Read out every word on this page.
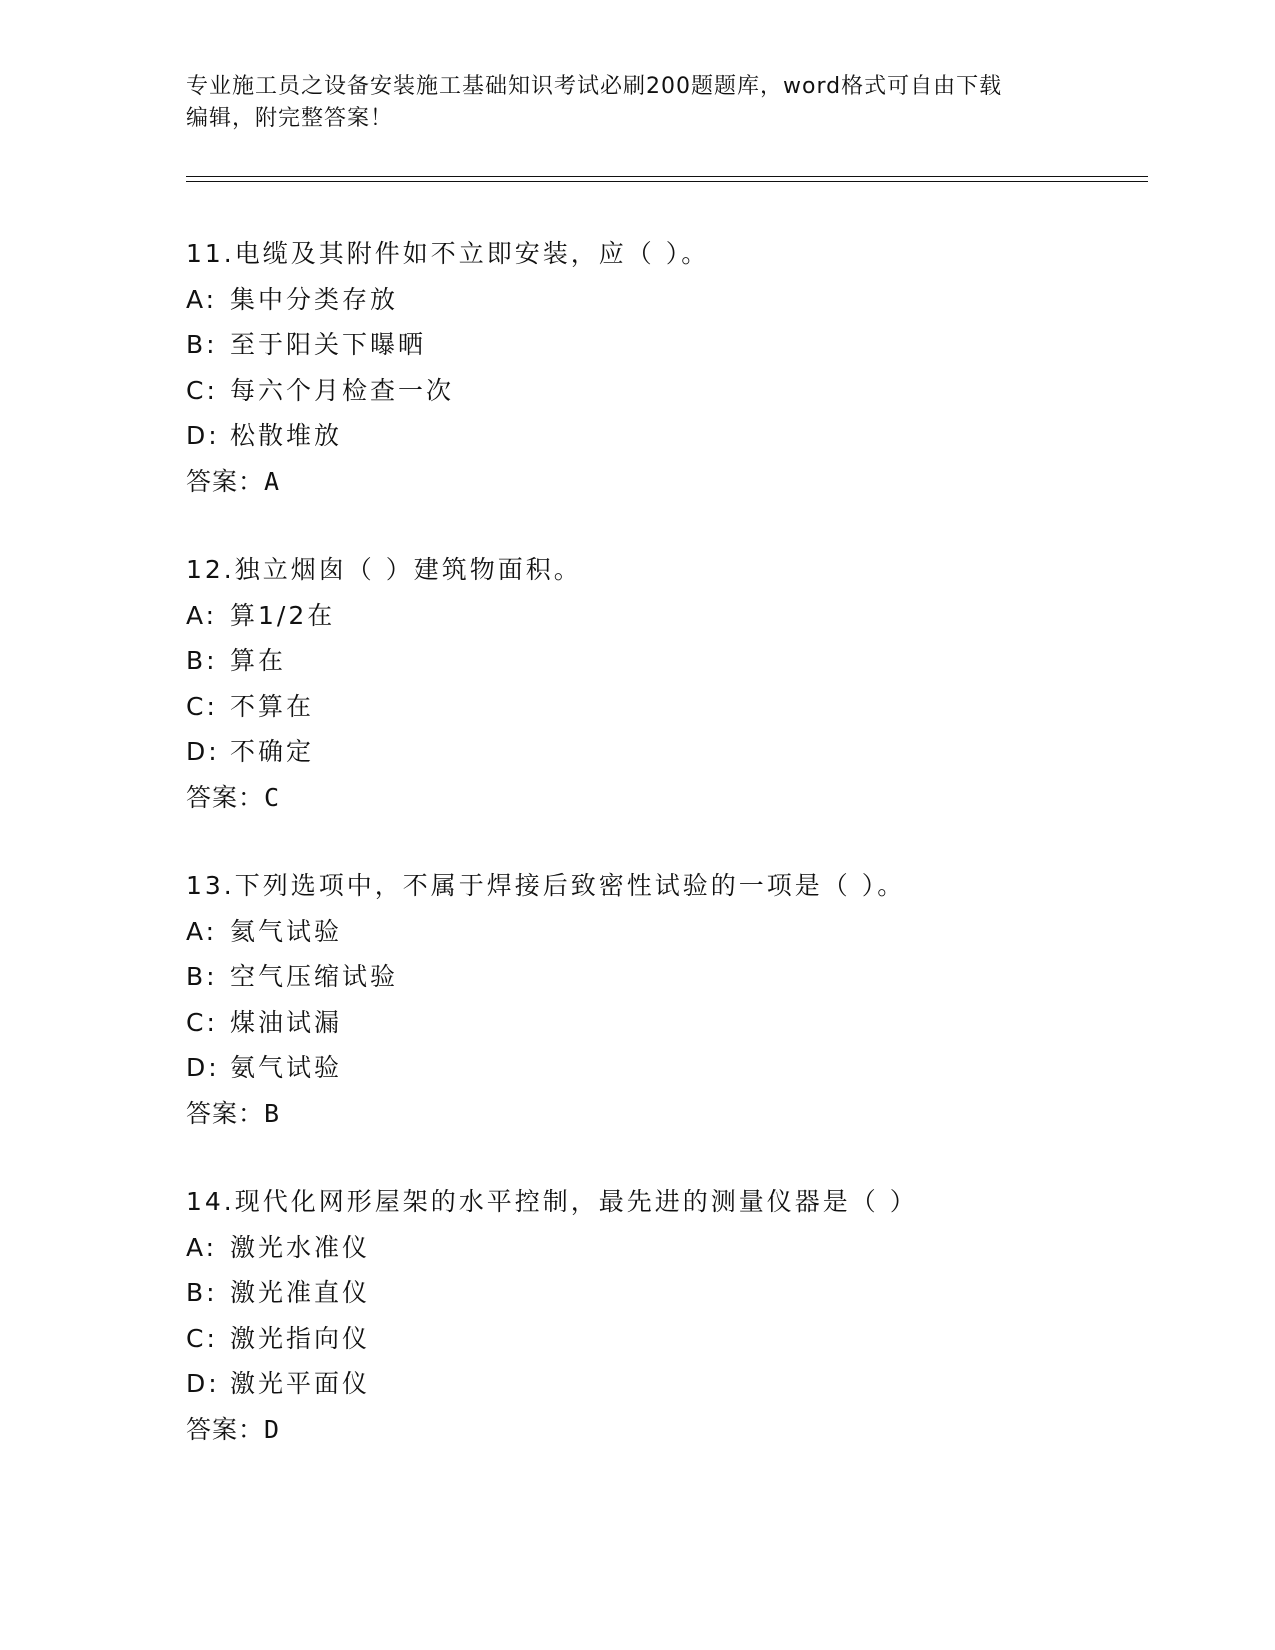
专业施工员之设备安装施工基础知识考试必刷200题题库，word格式可自由下载
编辑，附完整答案！
11.电缆及其附件如不立即安装，应（ ）。
A: 集中分类存放
B: 至于阳关下曝晒
C: 每六个月检查一次
D: 松散堆放
答案：A
12.独立烟囱（ ）建筑物面积。
A: 算1/2在
B: 算在
C: 不算在
D: 不确定
答案：C
13.下列选项中，不属于焊接后致密性试验的一项是（ ）。
A: 氦气试验
B: 空气压缩试验
C: 煤油试漏
D: 氨气试验
答案：B
14.现代化网形屋架的水平控制，最先进的测量仪器是（ ）
A: 激光水准仪
B: 激光准直仪
C: 激光指向仪
D: 激光平面仪
答案：D
